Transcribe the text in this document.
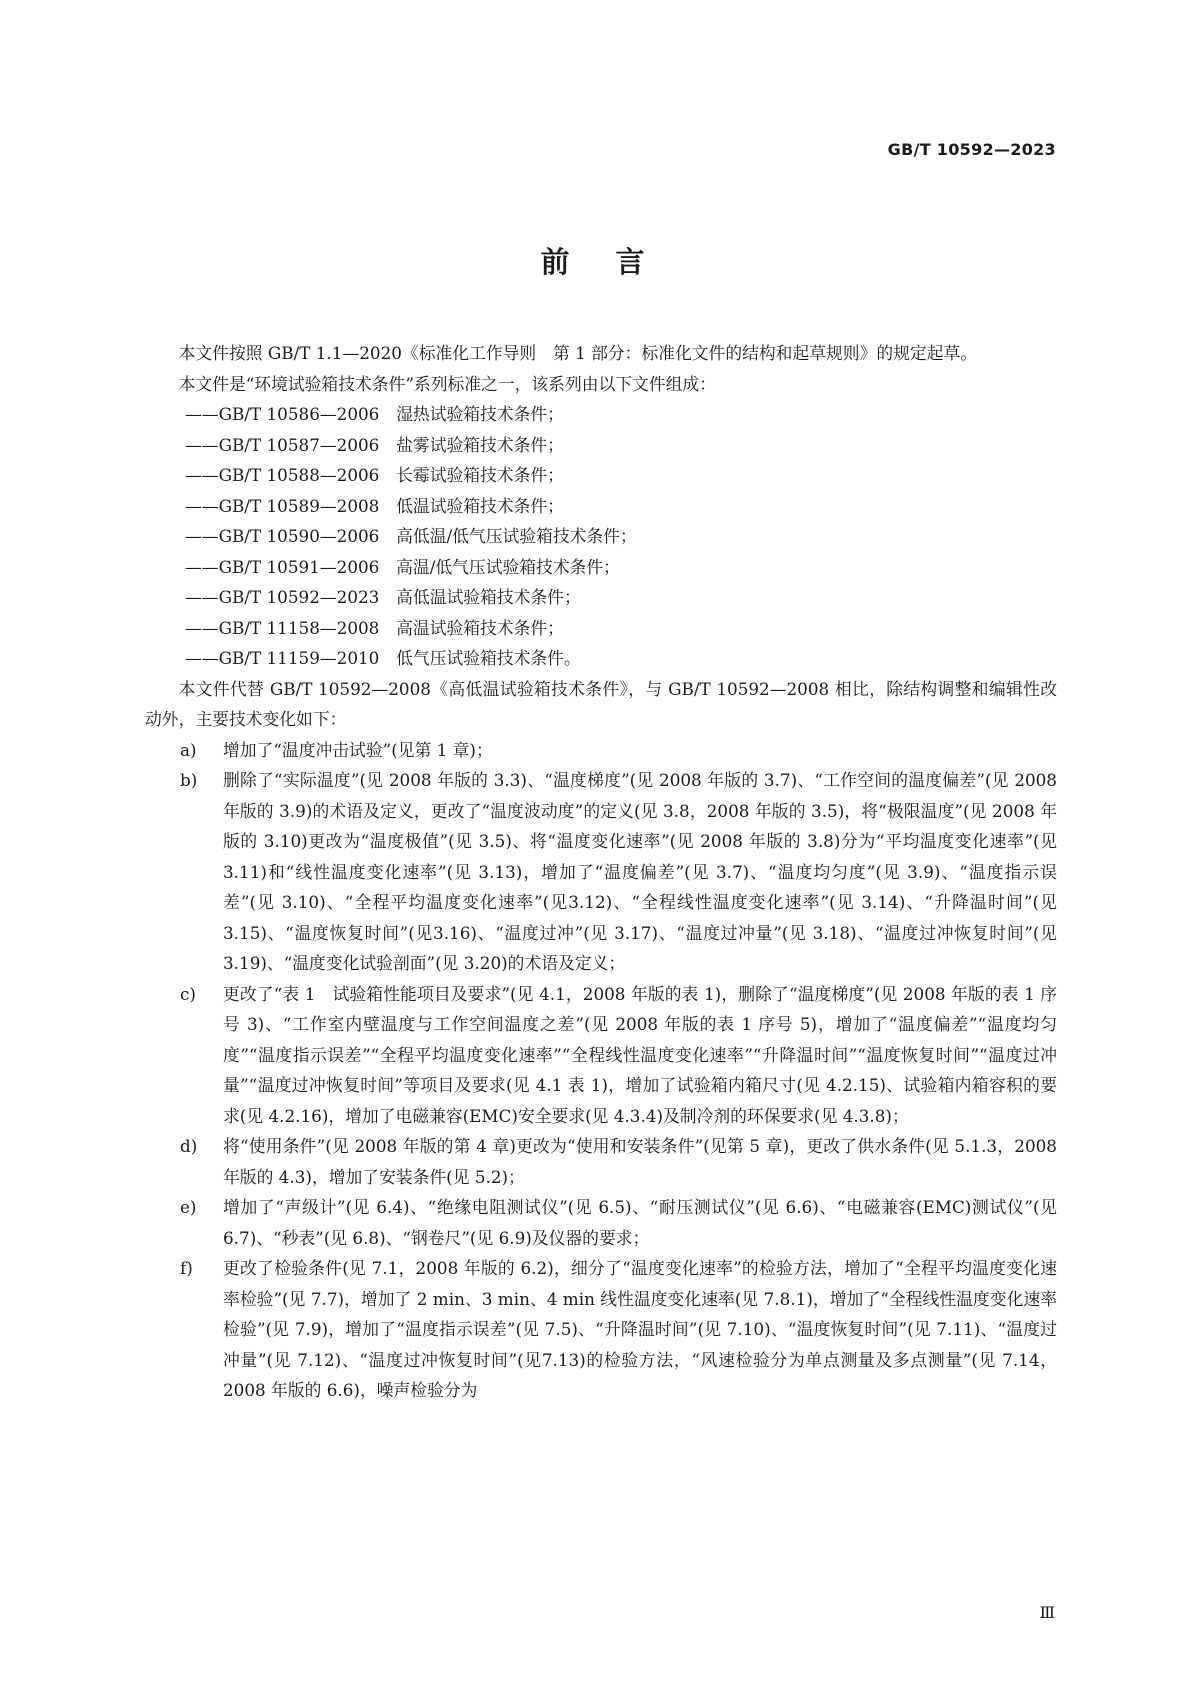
GB/T 10592—2023
前言

本文件按照 GB/T 1.1—2020《标准化工作导则　第 1 部分：标准化文件的结构和起草规则》的规定起草。

本文件是“环境试验箱技术条件”系列标准之一，该系列由以下文件组成：

——GB/T 10586—2006　湿热试验箱技术条件；

——GB/T 10587—2006　盐雾试验箱技术条件；

——GB/T 10588—2006　长霉试验箱技术条件；

——GB/T 10589—2008　低温试验箱技术条件；

——GB/T 10590—2006　高低温/低气压试验箱技术条件；

——GB/T 10591—2006　高温/低气压试验箱技术条件；

——GB/T 10592—2023　高低温试验箱技术条件；

——GB/T 11158—2008　高温试验箱技术条件；

——GB/T 11159—2010　低气压试验箱技术条件。

本文件代替 GB/T 10592—2008《高低温试验箱技术条件》，与 GB/T 10592—2008 相比，除结构调整和编辑性改动外，主要技术变化如下：

a) 增加了“温度冲击试验”(见第 1 章)；
b) 删除了“实际温度”(见 2008 年版的 3.3)、“温度梯度”(见 2008 年版的 3.7)、“工作空间的温度偏差”(见 2008 年版的 3.9)的术语及定义，更改了“温度波动度”的定义(见 3.8，2008 年版的 3.5)，将“极限温度”(见 2008 年版的 3.10)更改为“温度极值”(见 3.5)、将“温度变化速率”(见 2008 年版的 3.8)分为“平均温度变化速率”(见 3.11)和“线性温度变化速率”(见 3.13)，增加了“温度偏差”(见 3.7)、“温度均匀度”(见 3.9)、“温度指示误差”(见 3.10)、“全程平均温度变化速率”(见3.12)、“全程线性温度变化速率”(见 3.14)、“升降温时间”(见 3.15)、“温度恢复时间”(见3.16)、“温度过冲”(见 3.17)、“温度过冲量”(见 3.18)、“温度过冲恢复时间”(见 3.19)、“温度变化试验剖面”(见 3.20)的术语及定义；
c) 更改了“表 1　试验箱性能项目及要求”(见 4.1，2008 年版的表 1)，删除了“温度梯度”(见 2008 年版的表 1 序号 3)、“工作室内壁温度与工作空间温度之差”(见 2008 年版的表 1 序号 5)，增加了“温度偏差”“温度均匀度”“温度指示误差”“全程平均温度变化速率”“全程线性温度变化速率”“升降温时间”“温度恢复时间”“温度过冲量”“温度过冲恢复时间”等项目及要求(见 4.1 表 1)，增加了试验箱内箱尺寸(见 4.2.15)、试验箱内箱容积的要求(见 4.2.16)，增加了电磁兼容(EMC)安全要求(见 4.3.4)及制冷剂的环保要求(见 4.3.8)；
d) 将“使用条件”(见 2008 年版的第 4 章)更改为“使用和安装条件”(见第 5 章)，更改了供水条件(见 5.1.3，2008 年版的 4.3)，增加了安装条件(见 5.2)；
e) 增加了“声级计”(见 6.4)、“绝缘电阻测试仪”(见 6.5)、“耐压测试仪”(见 6.6)、“电磁兼容(EMC)测试仪”(见 6.7)、“秒表”(见 6.8)、“钢卷尺”(见 6.9)及仪器的要求；
f) 更改了检验条件(见 7.1，2008 年版的 6.2)，细分了“温度变化速率”的检验方法，增加了“全程平均温度变化速率检验”(见 7.7)，增加了 2 min、3 min、4 min 线性温度变化速率(见 7.8.1)，增加了“全程线性温度变化速率检验”(见 7.9)，增加了“温度指示误差”(见 7.5)、“升降温时间”(见 7.10)、“温度恢复时间”(见 7.11)、“温度过冲量”(见 7.12)、“温度过冲恢复时间”(见7.13)的检验方法，“风速检验分为单点测量及多点测量”(见 7.14，2008 年版的 6.6)，噪声检验分为
Ⅲ
